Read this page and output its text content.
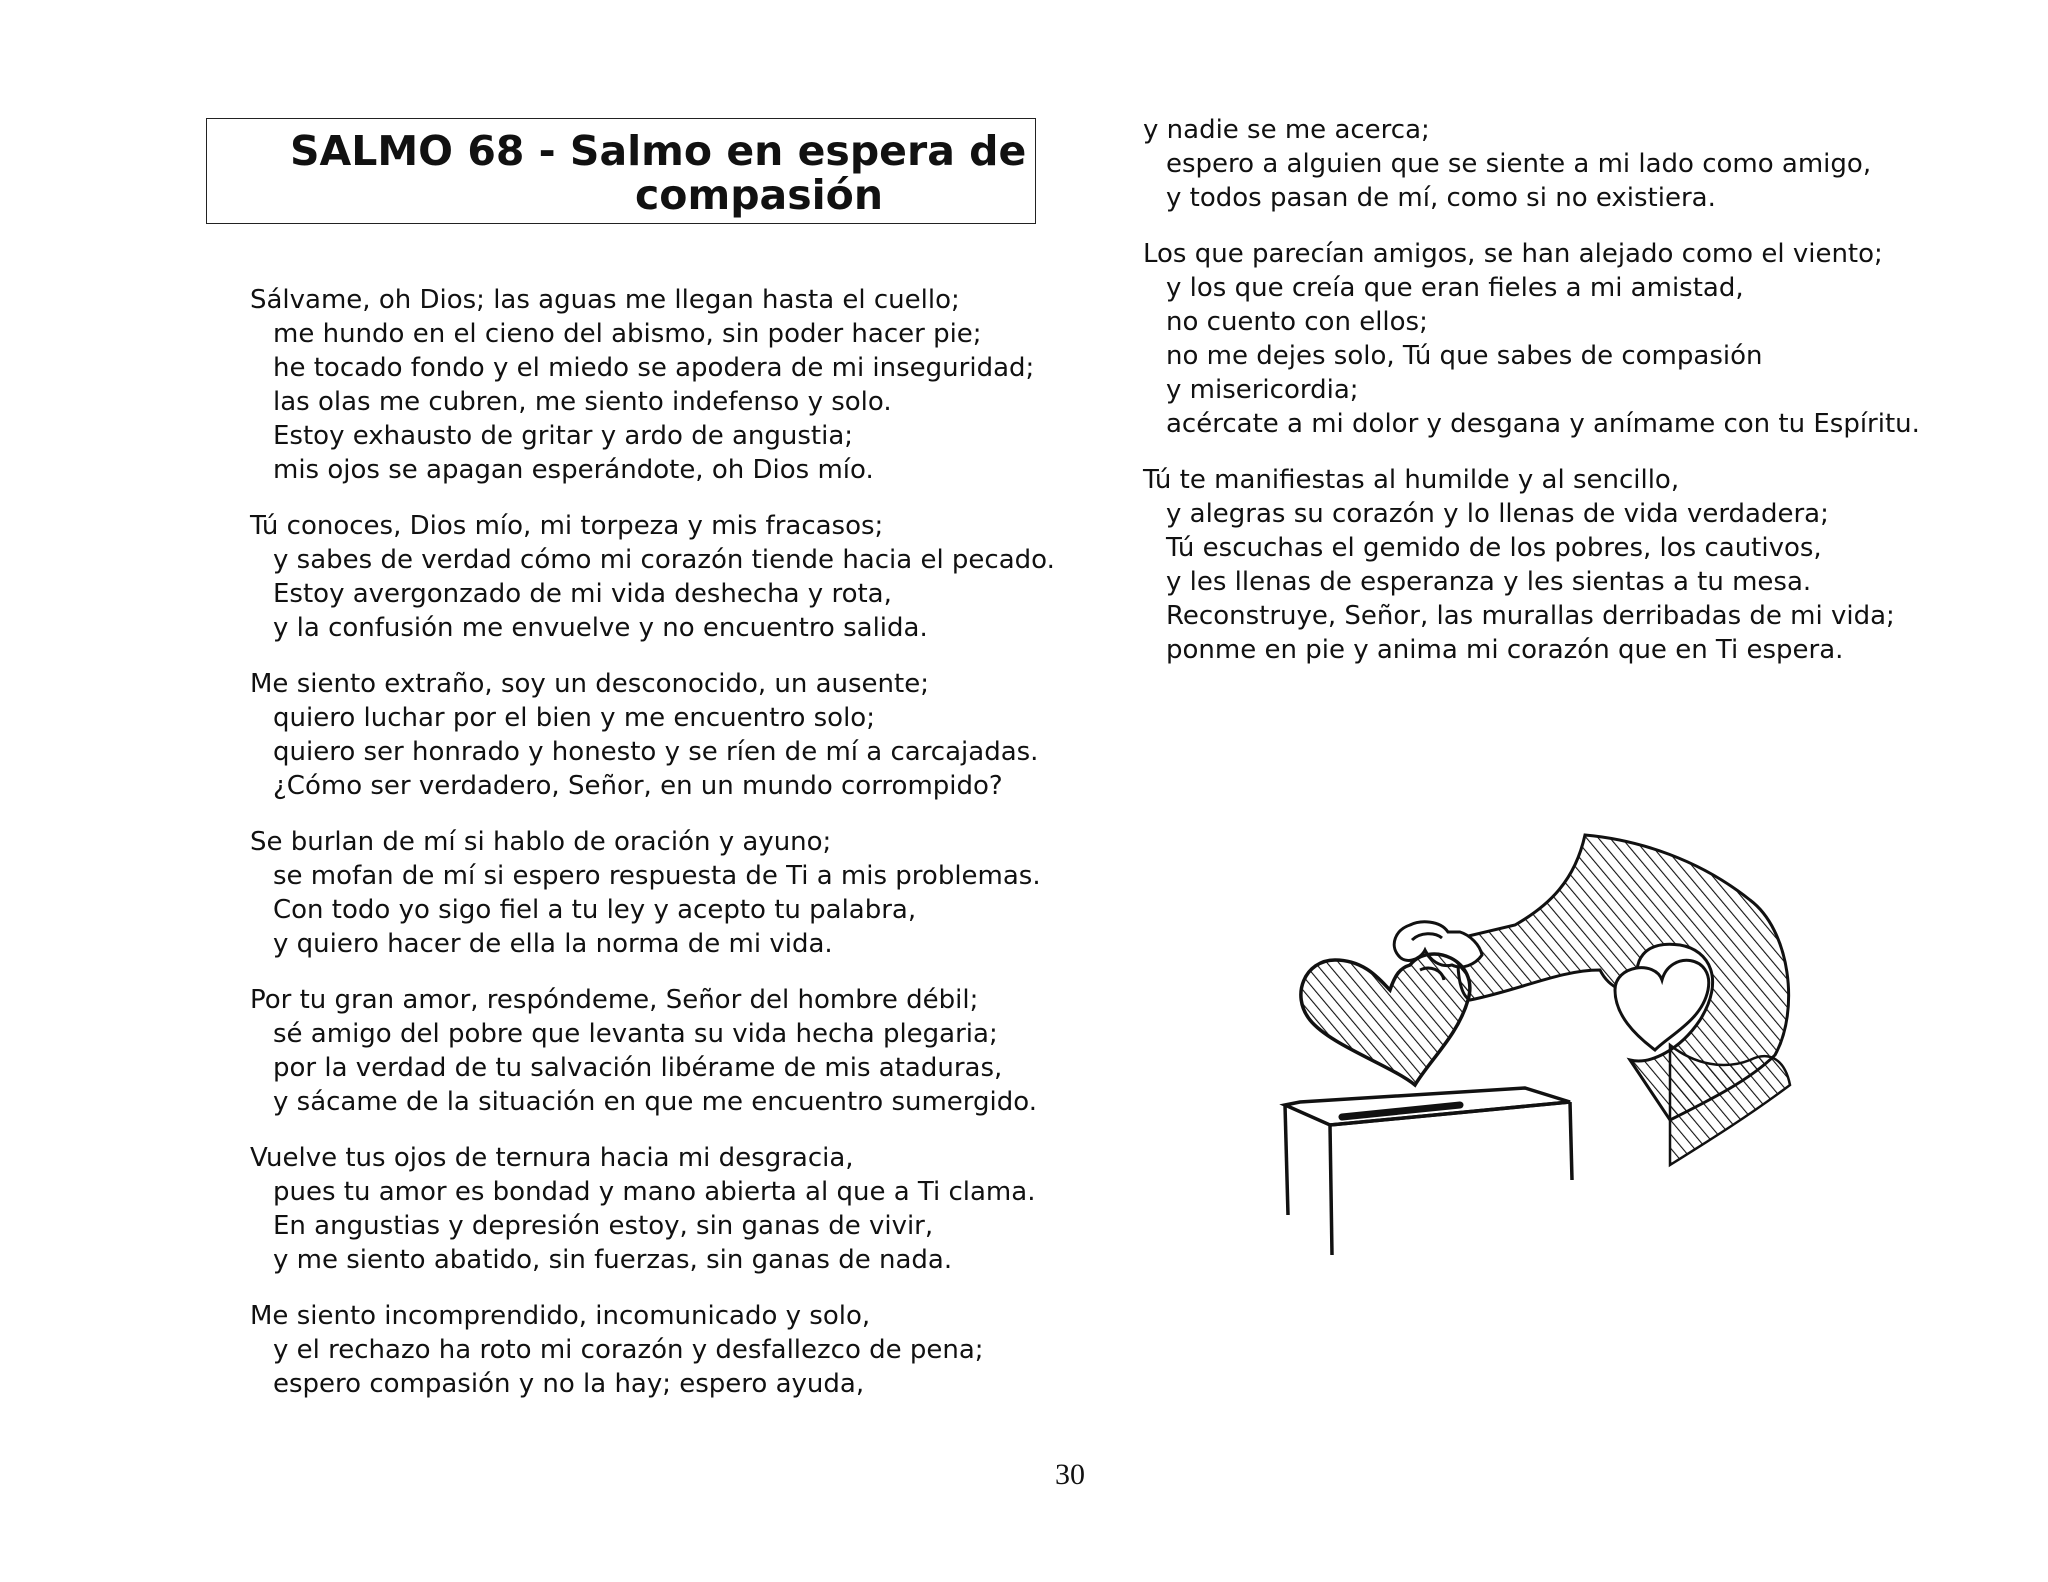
SALMO 68 - Salmo en espera de
compasión

Sálvame, oh Dios; las aguas me llegan hasta el cuello;
me hundo en el cieno del abismo, sin poder hacer pie;
he tocado fondo y el miedo se apodera de mi inseguridad;
las olas me cubren, me siento indefenso y solo.
Estoy exhausto de gritar y ardo de angustia;
mis ojos se apagan esperándote, oh Dios mío.

Tú conoces, Dios mío, mi torpeza y mis fracasos;
y sabes de verdad cómo mi corazón tiende hacia el pecado.
Estoy avergonzado de mi vida deshecha y rota,
y la confusión me envuelve y no encuentro salida.

Me siento extraño, soy un desconocido, un ausente;
quiero luchar por el bien y me encuentro solo;
quiero ser honrado y honesto y se ríen de mí a carcajadas.
¿Cómo ser verdadero, Señor, en un mundo corrompido?

Se burlan de mí si hablo de oración y ayuno;
se mofan de mí si espero respuesta de Ti a mis problemas.
Con todo yo sigo fiel a tu ley y acepto tu palabra,
y quiero hacer de ella la norma de mi vida.

Por tu gran amor, respóndeme, Señor del hombre débil;
sé amigo del pobre que levanta su vida hecha plegaria;
por la verdad de tu salvación libérame de mis ataduras,
y sácame de la situación en que me encuentro sumergido.

Vuelve tus ojos de ternura hacia mi desgracia,
pues tu amor es bondad y mano abierta al que a Ti clama.
En angustias y depresión estoy, sin ganas de vivir,
y me siento abatido, sin fuerzas, sin ganas de nada.

Me siento incomprendido, incomunicado y solo,
y el rechazo ha roto mi corazón y desfallezco de pena;
espero compasión y no la hay; espero ayuda,

y nadie se me acerca;
espero a alguien que se siente a mi lado como amigo,
y todos pasan de mí, como si no existiera.

Los que parecían amigos, se han alejado como el viento;
y los que creía que eran fieles a mi amistad,
no cuento con ellos;
no me dejes solo, Tú que sabes de compasión
y misericordia;
acércate a mi dolor y desgana y anímame con tu Espíritu.

Tú te manifiestas al humilde y al sencillo,
y alegras su corazón y lo llenas de vida verdadera;
Tú escuchas el gemido de los pobres, los cautivos,
y les llenas de esperanza y les sientas a tu mesa.
Reconstruye, Señor, las murallas derribadas de mi vida;
ponme en pie y anima mi corazón que en Ti espera.

30
